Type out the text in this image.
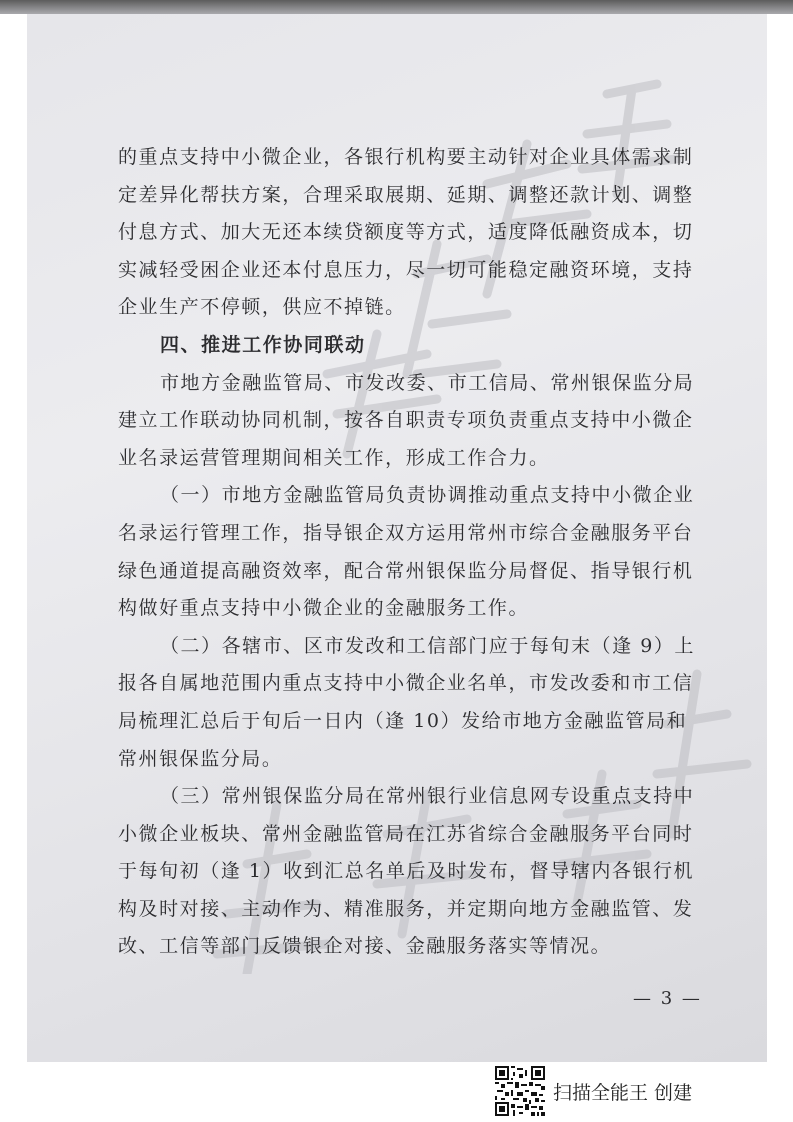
的重点支持中小微企业，各银行机构要主动针对企业具体需求制
定差异化帮扶方案，合理采取展期、延期、调整还款计划、调整
付息方式、加大无还本续贷额度等方式，适度降低融资成本，切
实减轻受困企业还本付息压力，尽一切可能稳定融资环境，支持
企业生产不停顿，供应不掉链。

四、推进工作协同联动

市地方金融监管局、市发改委、市工信局、常州银保监分局
建立工作联动协同机制，按各自职责专项负责重点支持中小微企
业名录运营管理期间相关工作，形成工作合力。

（一）市地方金融监管局负责协调推动重点支持中小微企业
名录运行管理工作，指导银企双方运用常州市综合金融服务平台
绿色通道提高融资效率，配合常州银保监分局督促、指导银行机
构做好重点支持中小微企业的金融服务工作。

（二）各辖市、区市发改和工信部门应于每旬末（逢 9）上
报各自属地范围内重点支持中小微企业名单，市发改委和市工信
局梳理汇总后于旬后一日内（逢 10）发给市地方金融监管局和
常州银保监分局。

（三）常州银保监分局在常州银行业信息网专设重点支持中
小微企业板块、常州金融监管局在江苏省综合金融服务平台同时
于每旬初（逢 1）收到汇总名单后及时发布，督导辖内各银行机
构及时对接、主动作为、精准服务，并定期向地方金融监管、发
改、工信等部门反馈银企对接、金融服务落实等情况。

— 3 —
扫描全能王 创建
